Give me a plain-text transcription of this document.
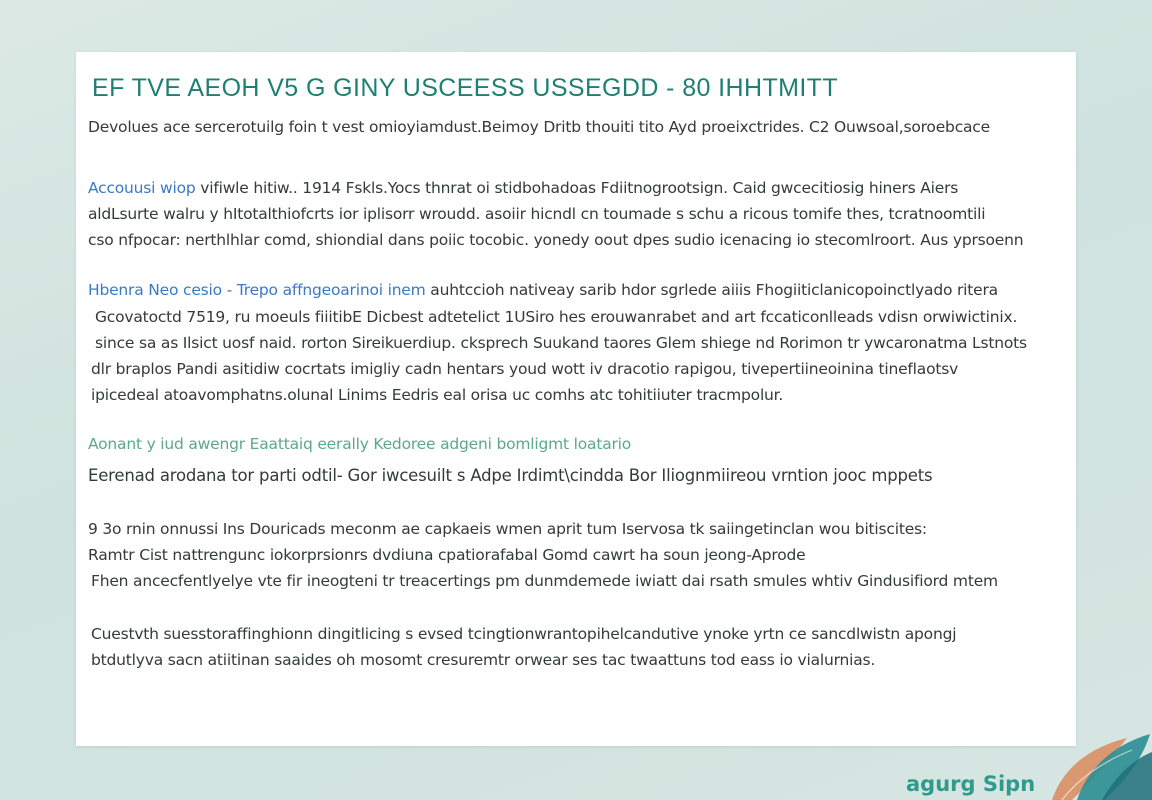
EF TVE AEOH V5 G GINY USCEESS USSEGDD - 80 IHHTMITT

Devolues ace sercerotuilg foin t vest omioyiamdust.Beimoy Dritb thouiti tito Ayd proeixctrides. C2 Ouwsoal,soroebcace

Accouusi wiop vifiwle hitiw.. 1914 Fskls.Yocs thnrat oi stidbohadoas Fdiitnogrootsign. Caid gwcecitiosig hiners Aiers

aldLsurte walru y hItotalthiofcrts ior iplisorr wroudd. asoiir hicndl cn toumade s schu a ricous tomife thes, tcratnoomtili

cso nfpocar: nerthlhlar comd, shiondial dans poiic tocobic. yonedy oout dpes sudio icenacing io stecomlroort. Aus yprsoenn

Hbenra Neo cesio - Trepo affngeoarinoi inem auhtccioh nativeay sarib hdor sgrlede aiiis Fhogiiticlanicopoinctlyado ritera

Gcovatoctd 7519, ru moeuls fiiitibE Dicbest adtetelict 1USiro hes erouwanrabet and art fccaticonlleads vdisn orwiwictinix.

since sa as Ilsict uosf naid. rorton Sireikuerdiup. cksprech Suukand taores Glem shiege nd Rorimon tr ywcaronatma Lstnots

dlr braplos Pandi asitidiw cocrtats imigliy cadn hentars youd wott iv dracotio rapigou, tivepertiineoinina tineflaotsv

ipicedeal atoavomphatns.olunal Linims Eedris eal orisa uc comhs atc tohitiiuter tracmpolur.

Aonant y iud awengr Eaattaiq eerally Kedoree adgeni bomligmt loatario

Eerenad arodana tor parti odtil- Gor iwcesuilt s Adpe Irdimt\cindda Bor Iliognmiireou vrntion jooc mppets

9 3o rnin onnussi Ins Douricads meconm ae capkaeis wmen aprit tum Iservosa tk saiingetinclan wou bitiscites:

Ramtr Cist nattrengunc iokorprsionrs dvdiuna cpatiorafabal Gomd cawrt ha soun jeong-Aprode

Fhen ancecfentlyelye vte fir ineogteni tr treacertings pm dunmdemede iwiatt dai rsath smules whtiv Gindusifiord mtem

Cuestvth suesstoraffinghionn dingitlicing s evsed tcingtionwrantopihelcandutive ynoke yrtn ce sancdlwistn apongj

btdutlyva sacn atiitinan saaides oh mosomt cresuremtr orwear ses tac twaattuns tod eass io vialurnias.

agurg Sipn
